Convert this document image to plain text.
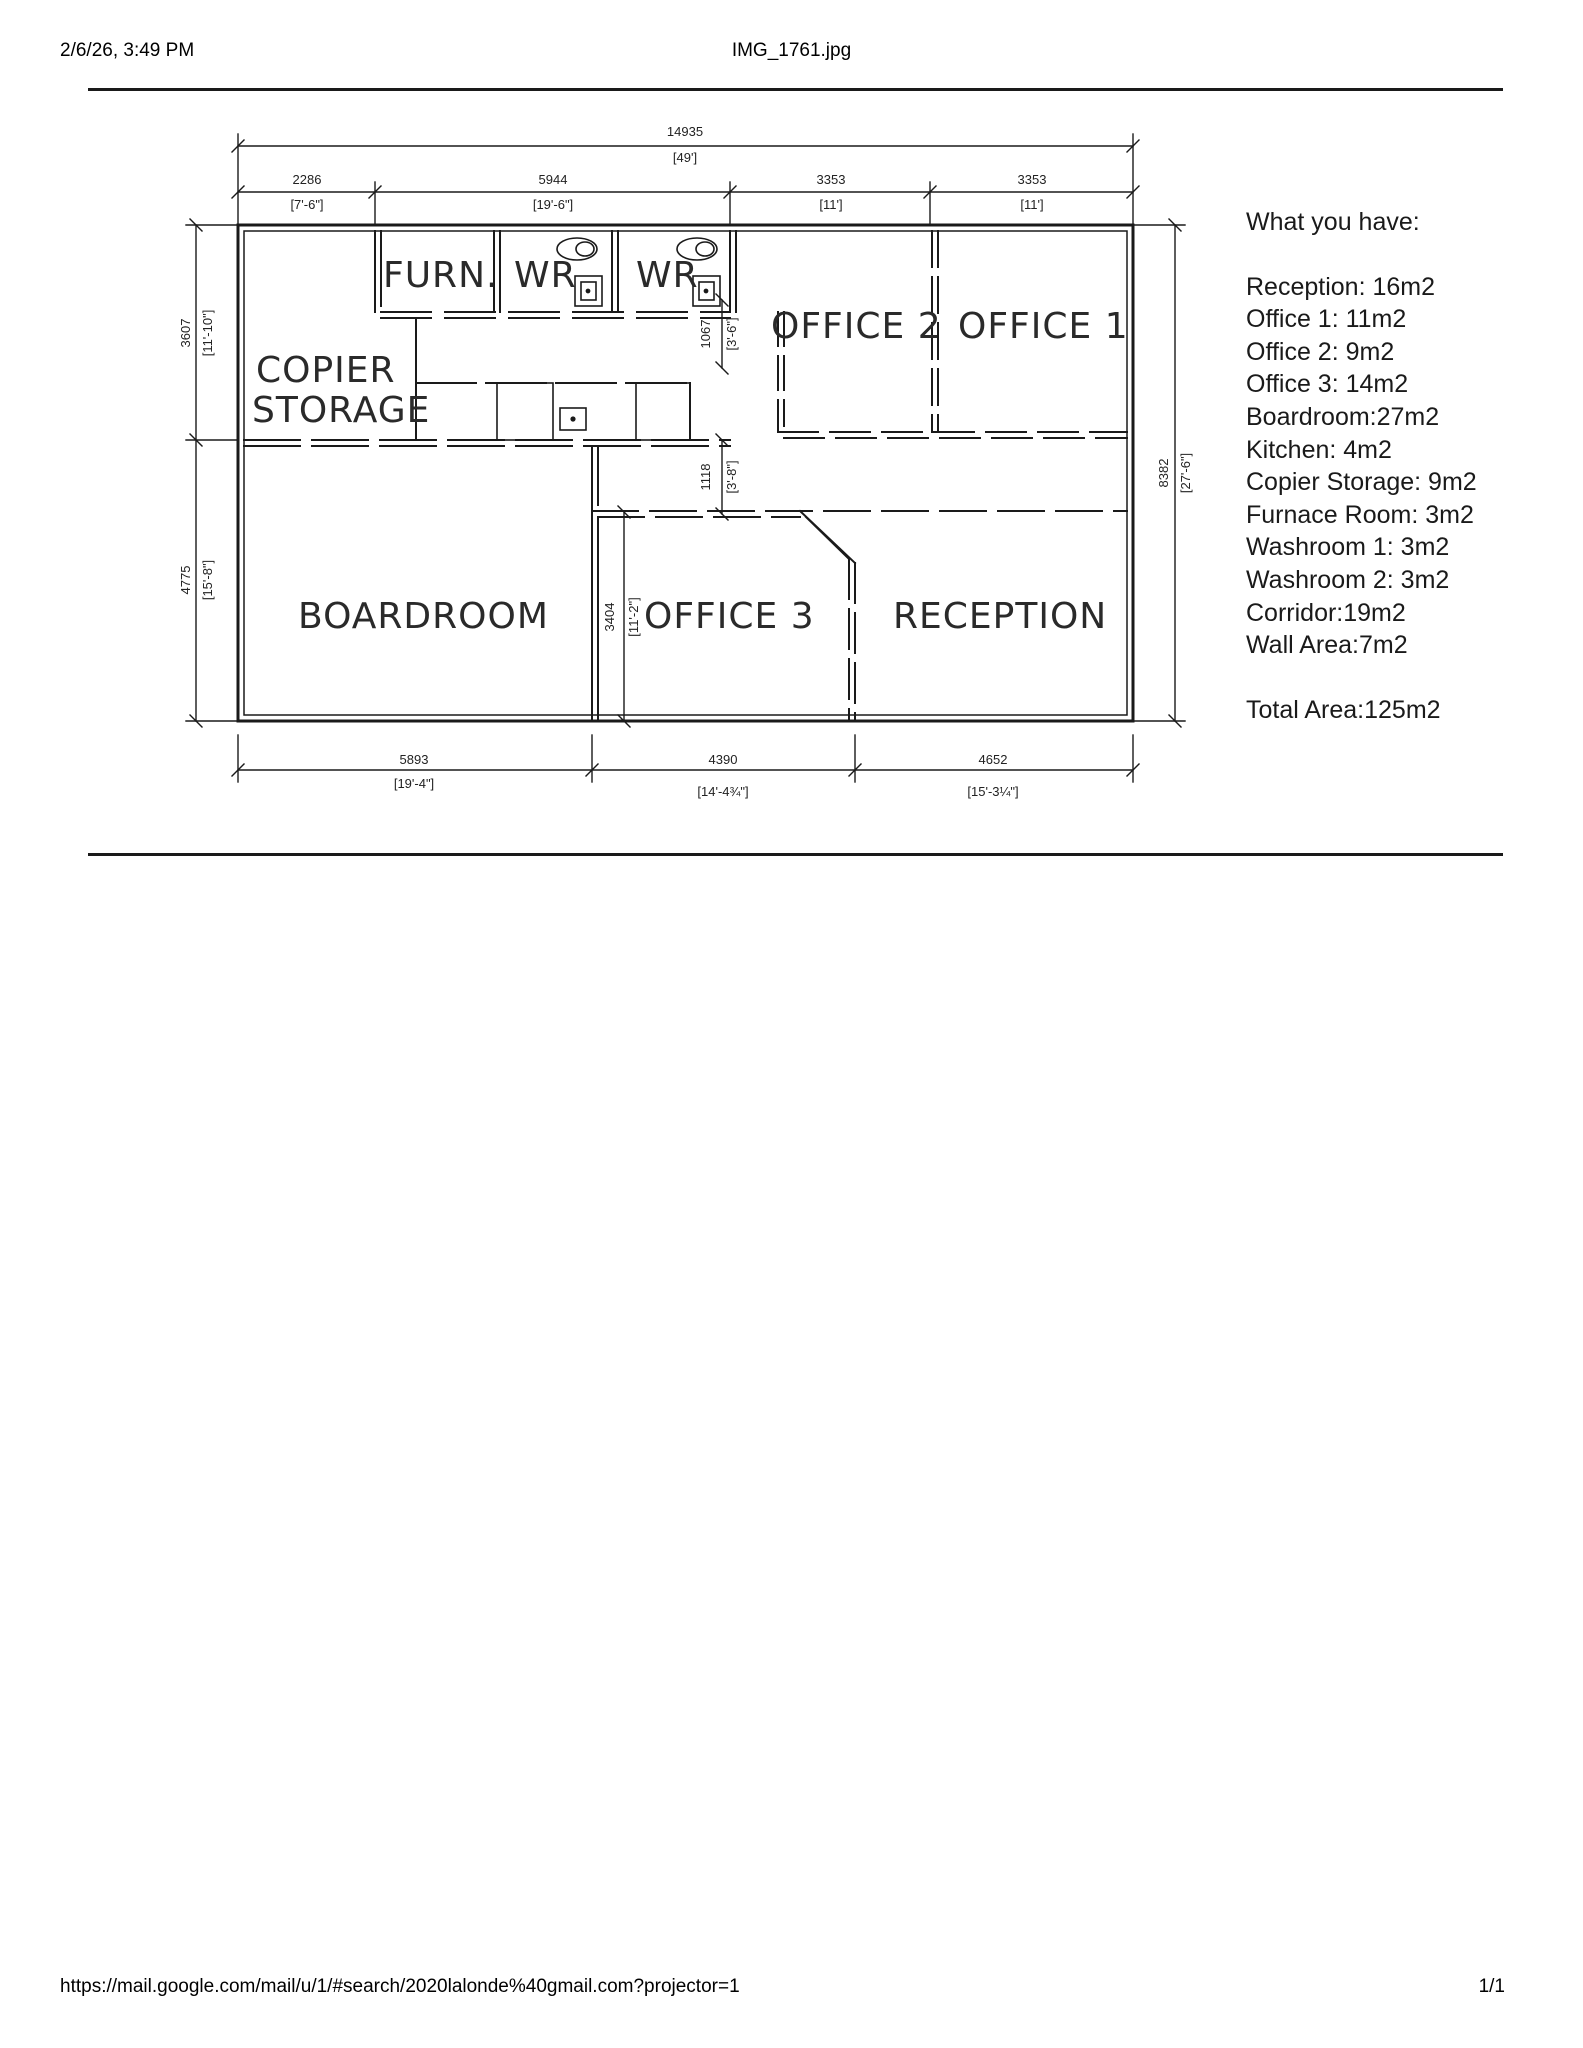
2/6/26, 3:49 PM	IMG_1761.jpg
FURN. WR WR
OFFICE 2 OFFICE 1
COPIER
STORAGE
BOARDROOM	OFFICE 3 RECEPTION
14935
[49']
2286
[7'-6"]
5944
[19'-6"]
3353
[11']
3353
[11']
5893
[19'-4"]
4390
[14'-4¾"]
4652
[15'-3¼"]
3607 [11'-10"]
4775 [15'-8"]
8382 [27'-6"]
1067 [3'-6"]
1118 [3'-8"]
3404 [11'-2"]
What you have:
Reception: 16m2
Office 1: 11m2
Office 2: 9m2
Office 3: 14m2
Boardroom:27m2
Kitchen: 4m2
Copier Storage: 9m2
Furnace Room: 3m2
Washroom 1: 3m2
Washroom 2: 3m2
Corridor:19m2
Wall Area:7m2
Total Area:125m2
https://mail.google.com/mail/u/1/#search/2020lalonde%40gmail.com?projector=1	1/1
